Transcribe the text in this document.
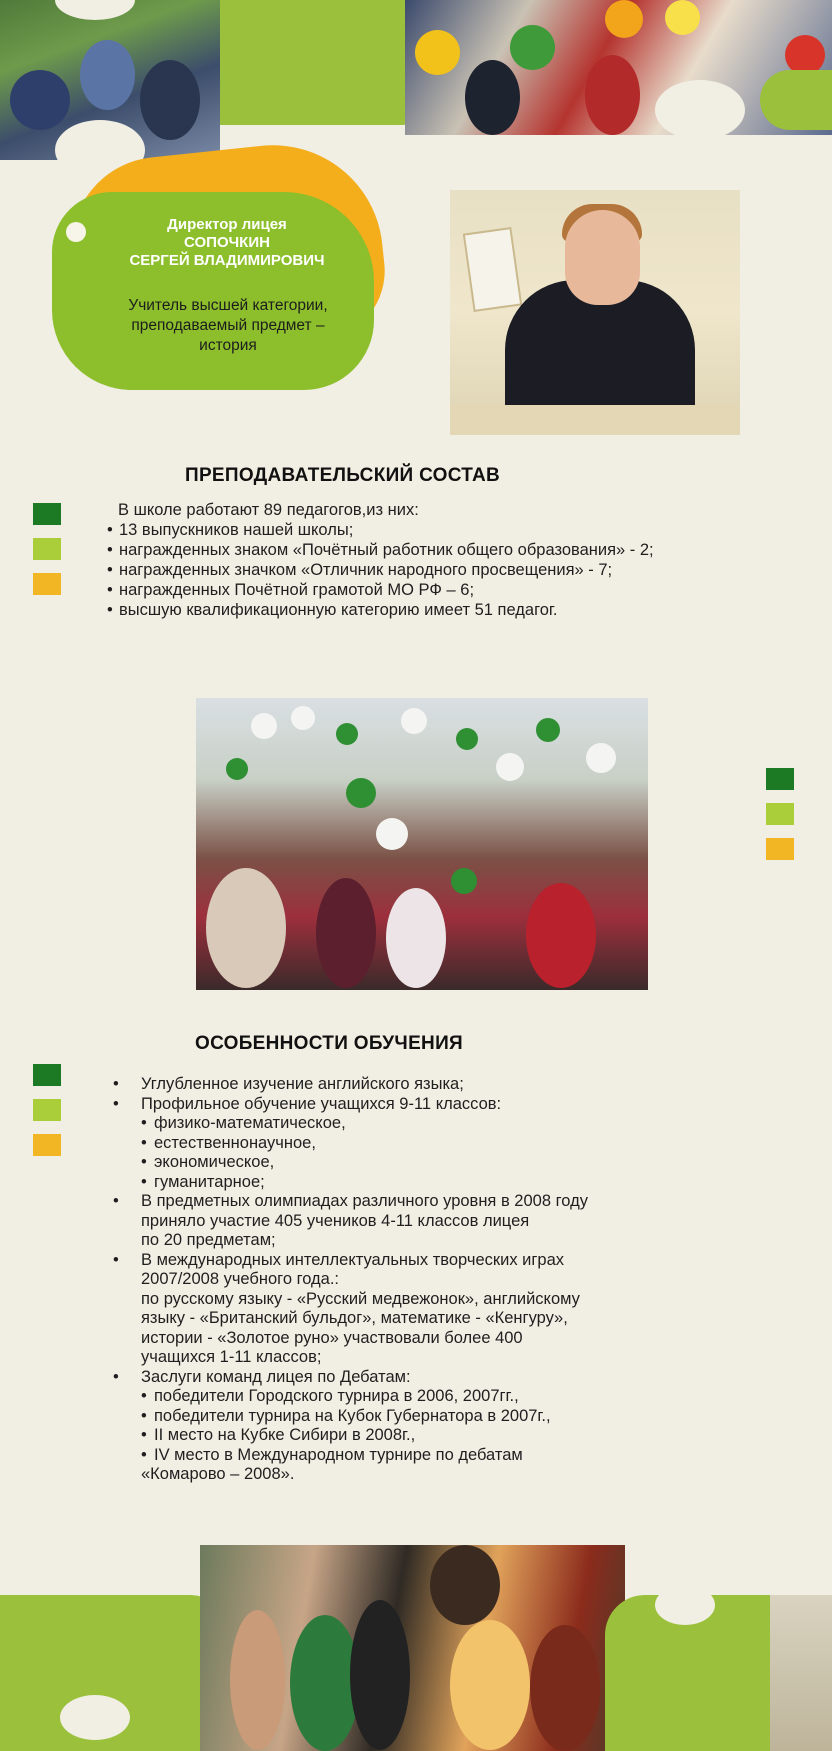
Директор лицея
СОПОЧКИН
СЕРГЕЙ ВЛАДИМИРОВИЧ
Учитель высшей категории,
преподаваемый предмет –
история
ПРЕПОДАВАТЕЛЬСКИЙ СОСТАВ
В школе работают 89 педагогов,из них:
• 13 выпускников нашей школы;
• награжденных знаком «Почётный работник общего образования» - 2;
• награжденных значком «Отличник народного просвещения» - 7;
• награжденных Почётной грамотой МО РФ – 6;
• высшую квалификационную категорию имеет 51 педагог.
ОСОБЕННОСТИ ОБУЧЕНИЯ
• Углубленное изучение английского языка;
• Профильное обучение учащихся 9-11 классов:
• физико-математическое,
• естественнонаучное,
• экономическое,
• гуманитарное;
• В предметных олимпиадах различного уровня в 2008 году
приняло участие 405 учеников 4-11 классов лицея
по 20 предметам;
• В международных интеллектуальных творческих играх
2007/2008 учебного года.:
по русскому языку - «Русский медвежонок», английскому
языку - «Британский бульдог», математике - «Кенгуру»,
истории - «Золотое руно» участвовали более 400
учащихся 1-11 классов;
• Заслуги команд лицея по Дебатам:
• победители Городского турнира в 2006, 2007гг.,
• победители турнира на Кубок Губернатора в 2007г.,
• II место на Кубке Сибири в 2008г.,
• IV место в Международном турнире по дебатам
«Комарово – 2008».
